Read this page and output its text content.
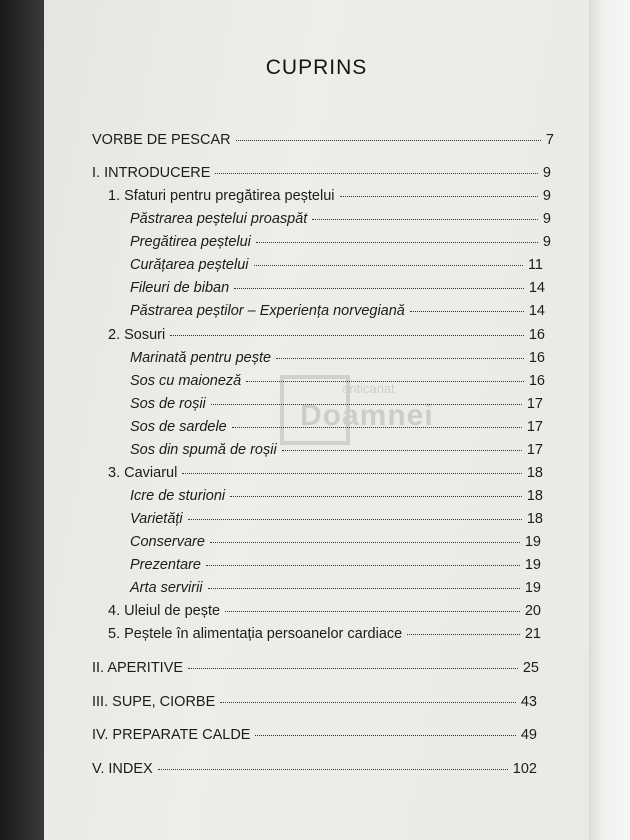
CUPRINS
anticariat
Doamnei
VORBE DE PESCAR	7
I. INTRODUCERE	9
1. Sfaturi pentru pregătirea peștelui	9
Păstrarea peștelui proaspăt	9
Pregătirea peștelui	9
Curățarea peștelui	11
Fileuri de biban	14
Păstrarea peștilor – Experiența norvegiană	14
2. Sosuri	16
Marinată pentru pește	16
Sos cu maioneză	16
Sos de roșii	17
Sos de sardele	17
Sos din spumă de roșii	17
3. Caviarul	18
Icre de sturioni	18
Varietăți	18
Conservare	19
Prezentare	19
Arta servirii	19
4. Uleiul de pește	20
5. Peștele în alimentația persoanelor cardiace	21
II. APERITIVE	25
III. SUPE, CIORBE	43
IV. PREPARATE CALDE	49
V. INDEX	102
